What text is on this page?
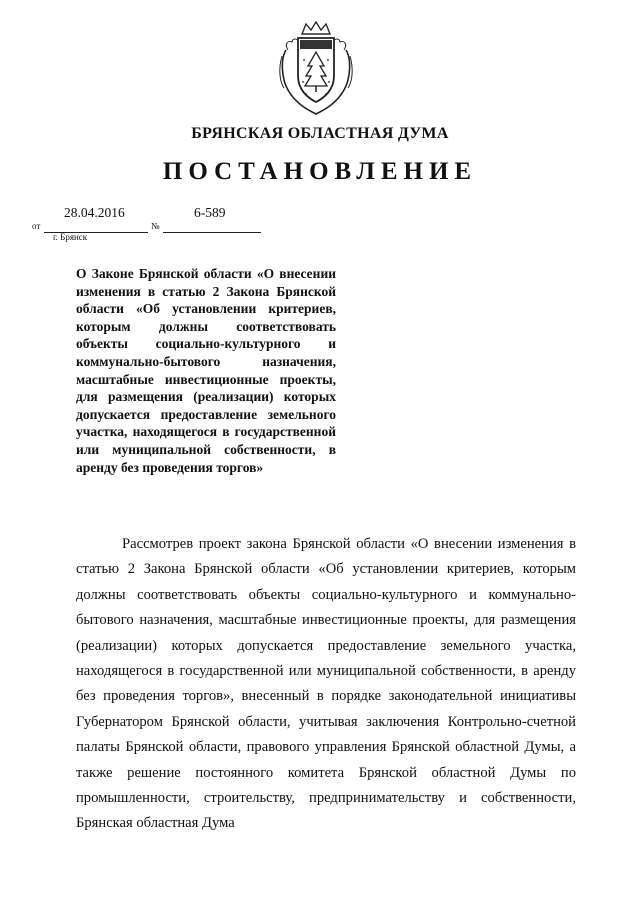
БРЯНСКАЯ ОБЛАСТНАЯ ДУМА
ПОСТАНОВЛЕНИЕ
28.04.2016	6-589
от	№
г. Брянск
О Законе Брянской области «О внесении изменения в статью 2 Закона Брянской области «Об установлении критериев, которым должны соответствовать объекты социально-культурного и коммунально-бытового назначения, масштабные инвестиционные проекты, для размещения (реализации) которых допускается предоставление земельного участка, находящегося в государственной или муниципальной собственности, в аренду без проведения торгов»
Рассмотрев проект закона Брянской области «О внесении изменения в статью 2 Закона Брянской области «Об установлении критериев, которым должны соответствовать объекты социально-культурного и коммунально-бытового назначения, масштабные инвестиционные проекты, для размещения (реализации) которых допускается предоставление земельного участка, находящегося в государственной или муниципальной собственности, в аренду без проведения торгов», внесенный в порядке законодательной инициативы Губернатором Брянской области, учитывая заключения Контрольно-счетной палаты Брянской области, правового управления Брянской областной Думы, а также решение постоянного комитета Брянской областной Думы по промышленности, строительству, предпринимательству и собственности, Брянская областная Дума
